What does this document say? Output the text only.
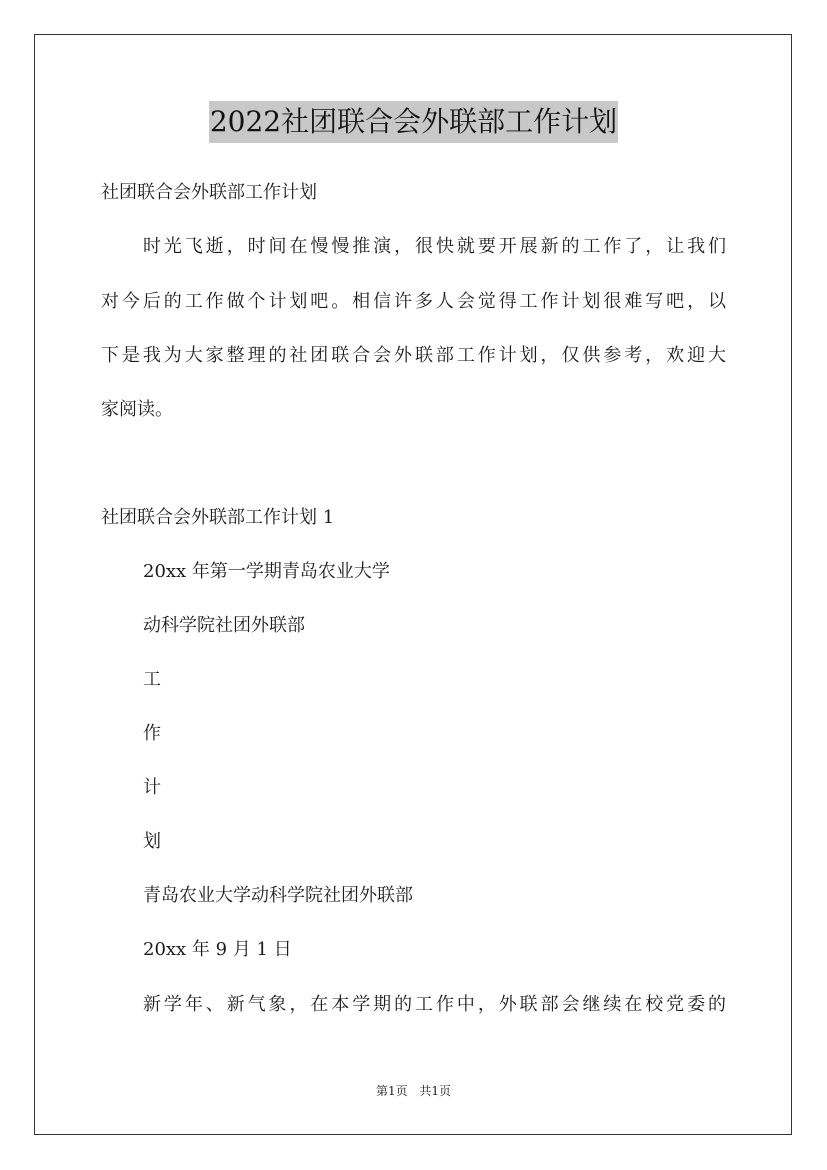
2022社团联合会外联部工作计划
社团联合会外联部工作计划
时光飞逝，时间在慢慢推演，很快就要开展新的工作了，让我们
对今后的工作做个计划吧。相信许多人会觉得工作计划很难写吧，以
下是我为大家整理的社团联合会外联部工作计划，仅供参考，欢迎大
家阅读。
社团联合会外联部工作计划 1
20xx 年第一学期青岛农业大学
动科学院社团外联部
工
作
计
划
青岛农业大学动科学院社团外联部
20xx 年 9 月 1 日
新学年、新气象，在本学期的工作中，外联部会继续在校党委的
第1页 共1页
